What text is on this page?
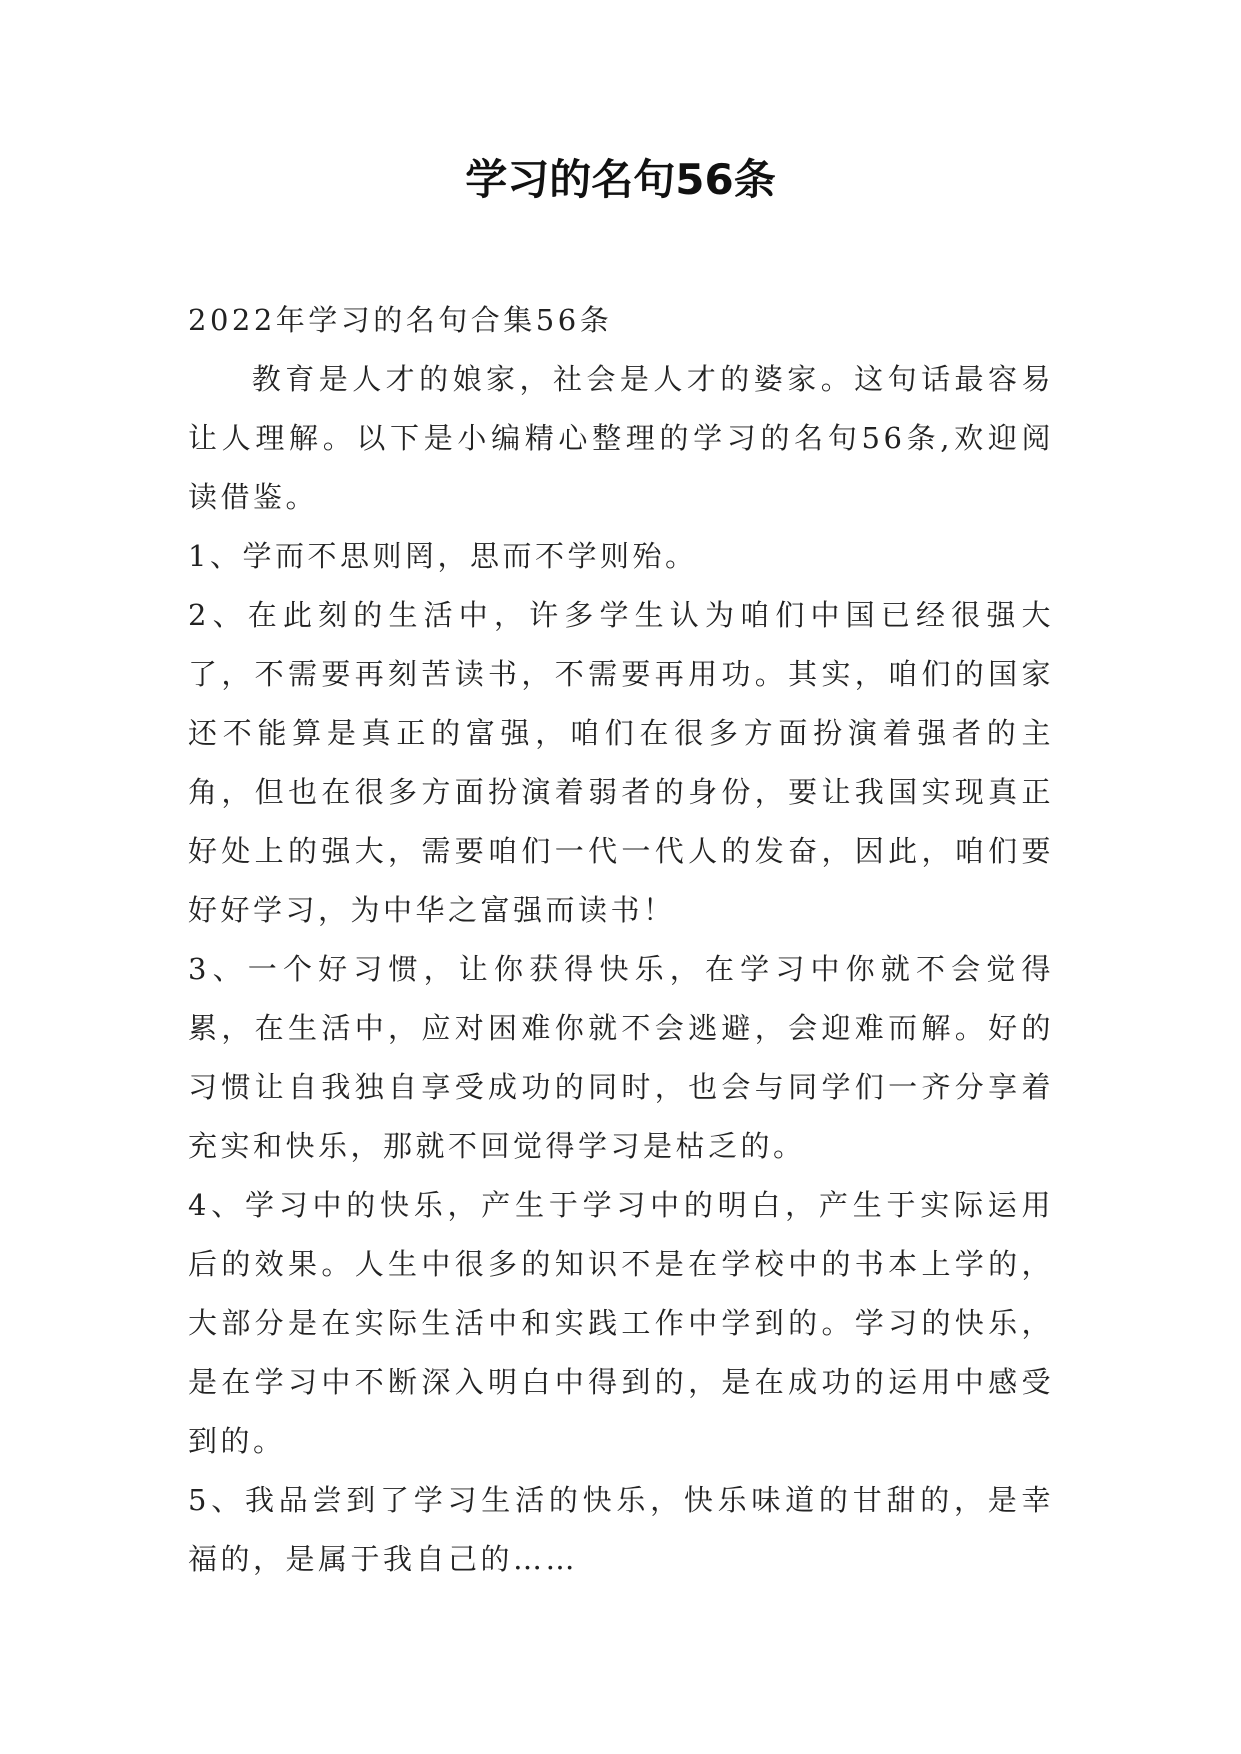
学习的名句56条

2022年学习的名句合集56条

教育是人才的娘家，社会是人才的婆家。这句话最容易让人理解。以下是小编精心整理的学习的名句56条,欢迎阅读借鉴。

1、学而不思则罔，思而不学则殆。

2、在此刻的生活中，许多学生认为咱们中国已经很强大了，不需要再刻苦读书，不需要再用功。其实，咱们的国家还不能算是真正的富强，咱们在很多方面扮演着强者的主角，但也在很多方面扮演着弱者的身份，要让我国实现真正好处上的强大，需要咱们一代一代人的发奋，因此，咱们要好好学习，为中华之富强而读书！

3、一个好习惯，让你获得快乐，在学习中你就不会觉得累，在生活中，应对困难你就不会逃避，会迎难而解。好的习惯让自我独自享受成功的同时，也会与同学们一齐分享着充实和快乐，那就不回觉得学习是枯乏的。

4、学习中的快乐，产生于学习中的明白，产生于实际运用后的效果。人生中很多的知识不是在学校中的书本上学的，大部分是在实际生活中和实践工作中学到的。学习的快乐，是在学习中不断深入明白中得到的，是在成功的运用中感受到的。

5、我品尝到了学习生活的快乐，快乐味道的甘甜的，是幸福的，是属于我自己的……
